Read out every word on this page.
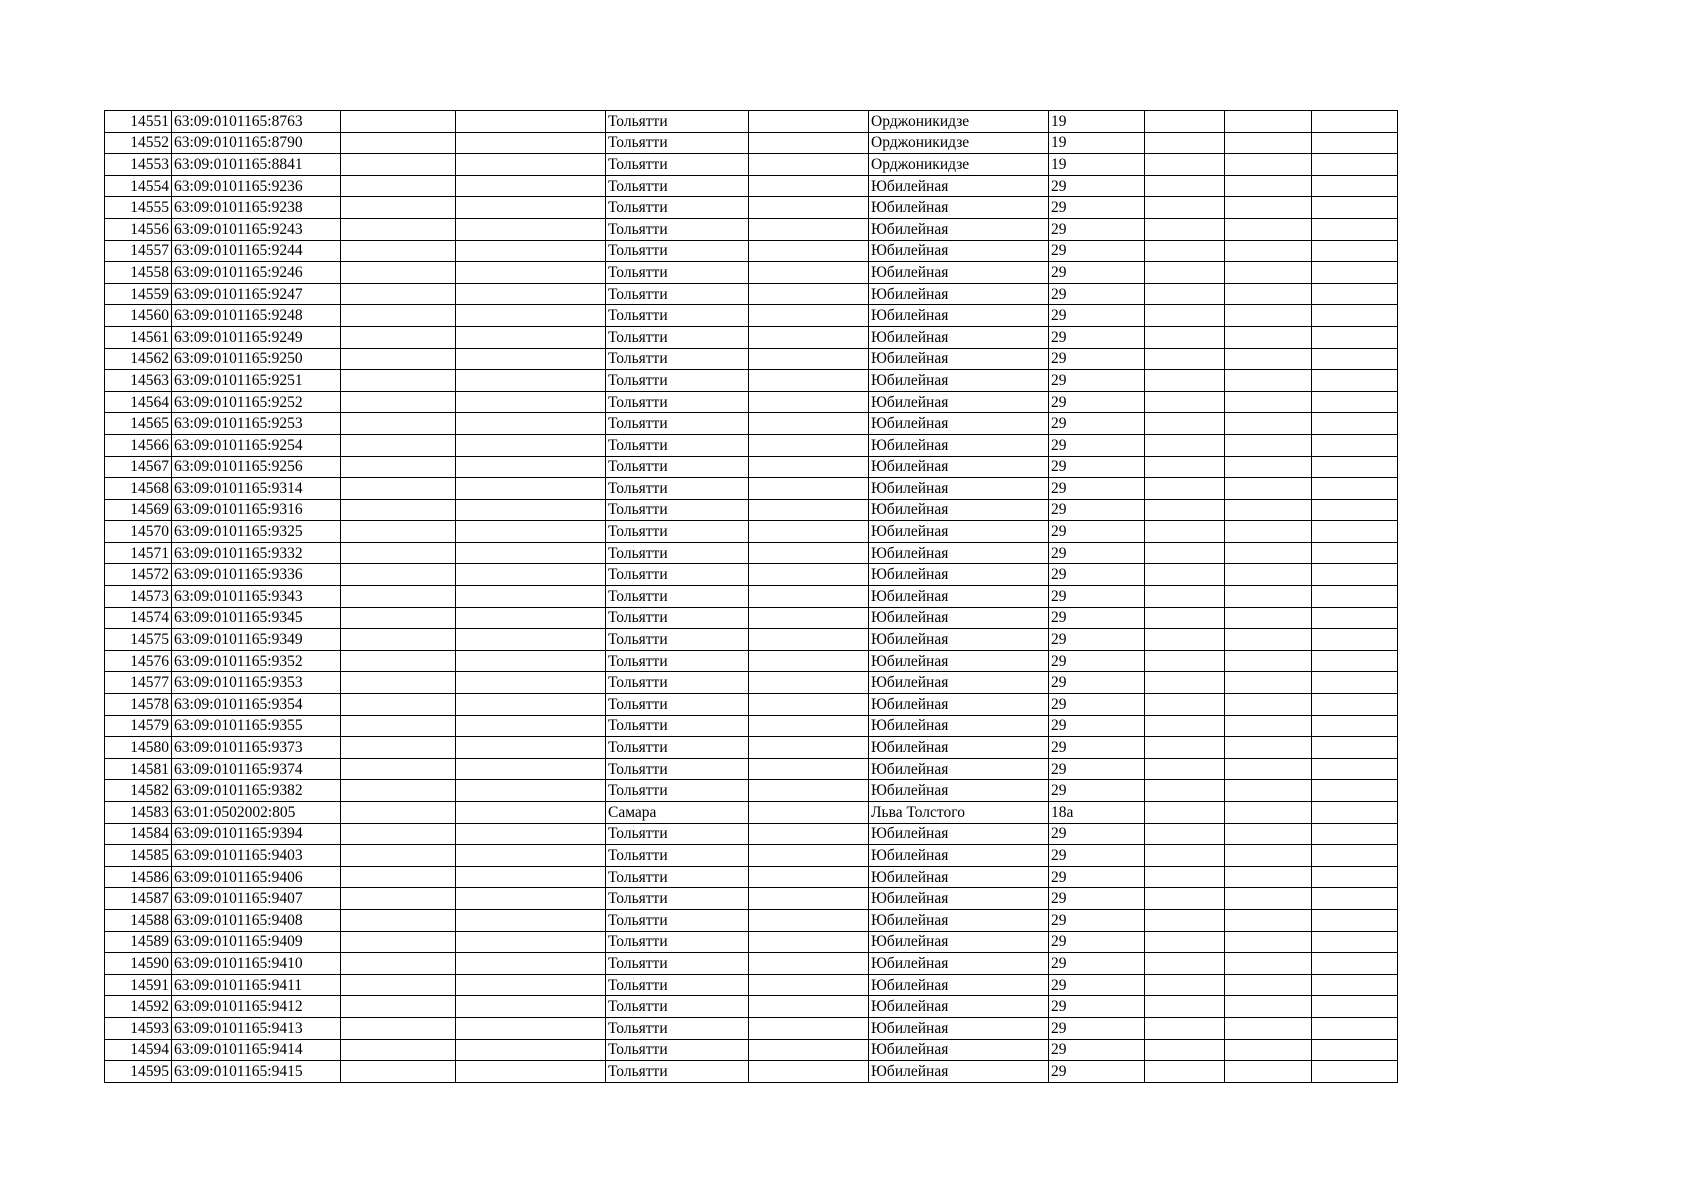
14551	63:09:0101165:8763			Тольятти		Орджоникидзе	19			
14552	63:09:0101165:8790			Тольятти		Орджоникидзе	19			
14553	63:09:0101165:8841			Тольятти		Орджоникидзе	19			
14554	63:09:0101165:9236			Тольятти		Юбилейная	29			
14555	63:09:0101165:9238			Тольятти		Юбилейная	29			
14556	63:09:0101165:9243			Тольятти		Юбилейная	29			
14557	63:09:0101165:9244			Тольятти		Юбилейная	29			
14558	63:09:0101165:9246			Тольятти		Юбилейная	29			
14559	63:09:0101165:9247			Тольятти		Юбилейная	29			
14560	63:09:0101165:9248			Тольятти		Юбилейная	29			
14561	63:09:0101165:9249			Тольятти		Юбилейная	29			
14562	63:09:0101165:9250			Тольятти		Юбилейная	29			
14563	63:09:0101165:9251			Тольятти		Юбилейная	29			
14564	63:09:0101165:9252			Тольятти		Юбилейная	29			
14565	63:09:0101165:9253			Тольятти		Юбилейная	29			
14566	63:09:0101165:9254			Тольятти		Юбилейная	29			
14567	63:09:0101165:9256			Тольятти		Юбилейная	29			
14568	63:09:0101165:9314			Тольятти		Юбилейная	29			
14569	63:09:0101165:9316			Тольятти		Юбилейная	29			
14570	63:09:0101165:9325			Тольятти		Юбилейная	29			
14571	63:09:0101165:9332			Тольятти		Юбилейная	29			
14572	63:09:0101165:9336			Тольятти		Юбилейная	29			
14573	63:09:0101165:9343			Тольятти		Юбилейная	29			
14574	63:09:0101165:9345			Тольятти		Юбилейная	29			
14575	63:09:0101165:9349			Тольятти		Юбилейная	29			
14576	63:09:0101165:9352			Тольятти		Юбилейная	29			
14577	63:09:0101165:9353			Тольятти		Юбилейная	29			
14578	63:09:0101165:9354			Тольятти		Юбилейная	29			
14579	63:09:0101165:9355			Тольятти		Юбилейная	29			
14580	63:09:0101165:9373			Тольятти		Юбилейная	29			
14581	63:09:0101165:9374			Тольятти		Юбилейная	29			
14582	63:09:0101165:9382			Тольятти		Юбилейная	29			
14583	63:01:0502002:805			Самара		Льва Толстого	18а			
14584	63:09:0101165:9394			Тольятти		Юбилейная	29			
14585	63:09:0101165:9403			Тольятти		Юбилейная	29			
14586	63:09:0101165:9406			Тольятти		Юбилейная	29			
14587	63:09:0101165:9407			Тольятти		Юбилейная	29			
14588	63:09:0101165:9408			Тольятти		Юбилейная	29			
14589	63:09:0101165:9409			Тольятти		Юбилейная	29			
14590	63:09:0101165:9410			Тольятти		Юбилейная	29			
14591	63:09:0101165:9411			Тольятти		Юбилейная	29			
14592	63:09:0101165:9412			Тольятти		Юбилейная	29			
14593	63:09:0101165:9413			Тольятти		Юбилейная	29			
14594	63:09:0101165:9414			Тольятти		Юбилейная	29			
14595	63:09:0101165:9415			Тольятти		Юбилейная	29			
